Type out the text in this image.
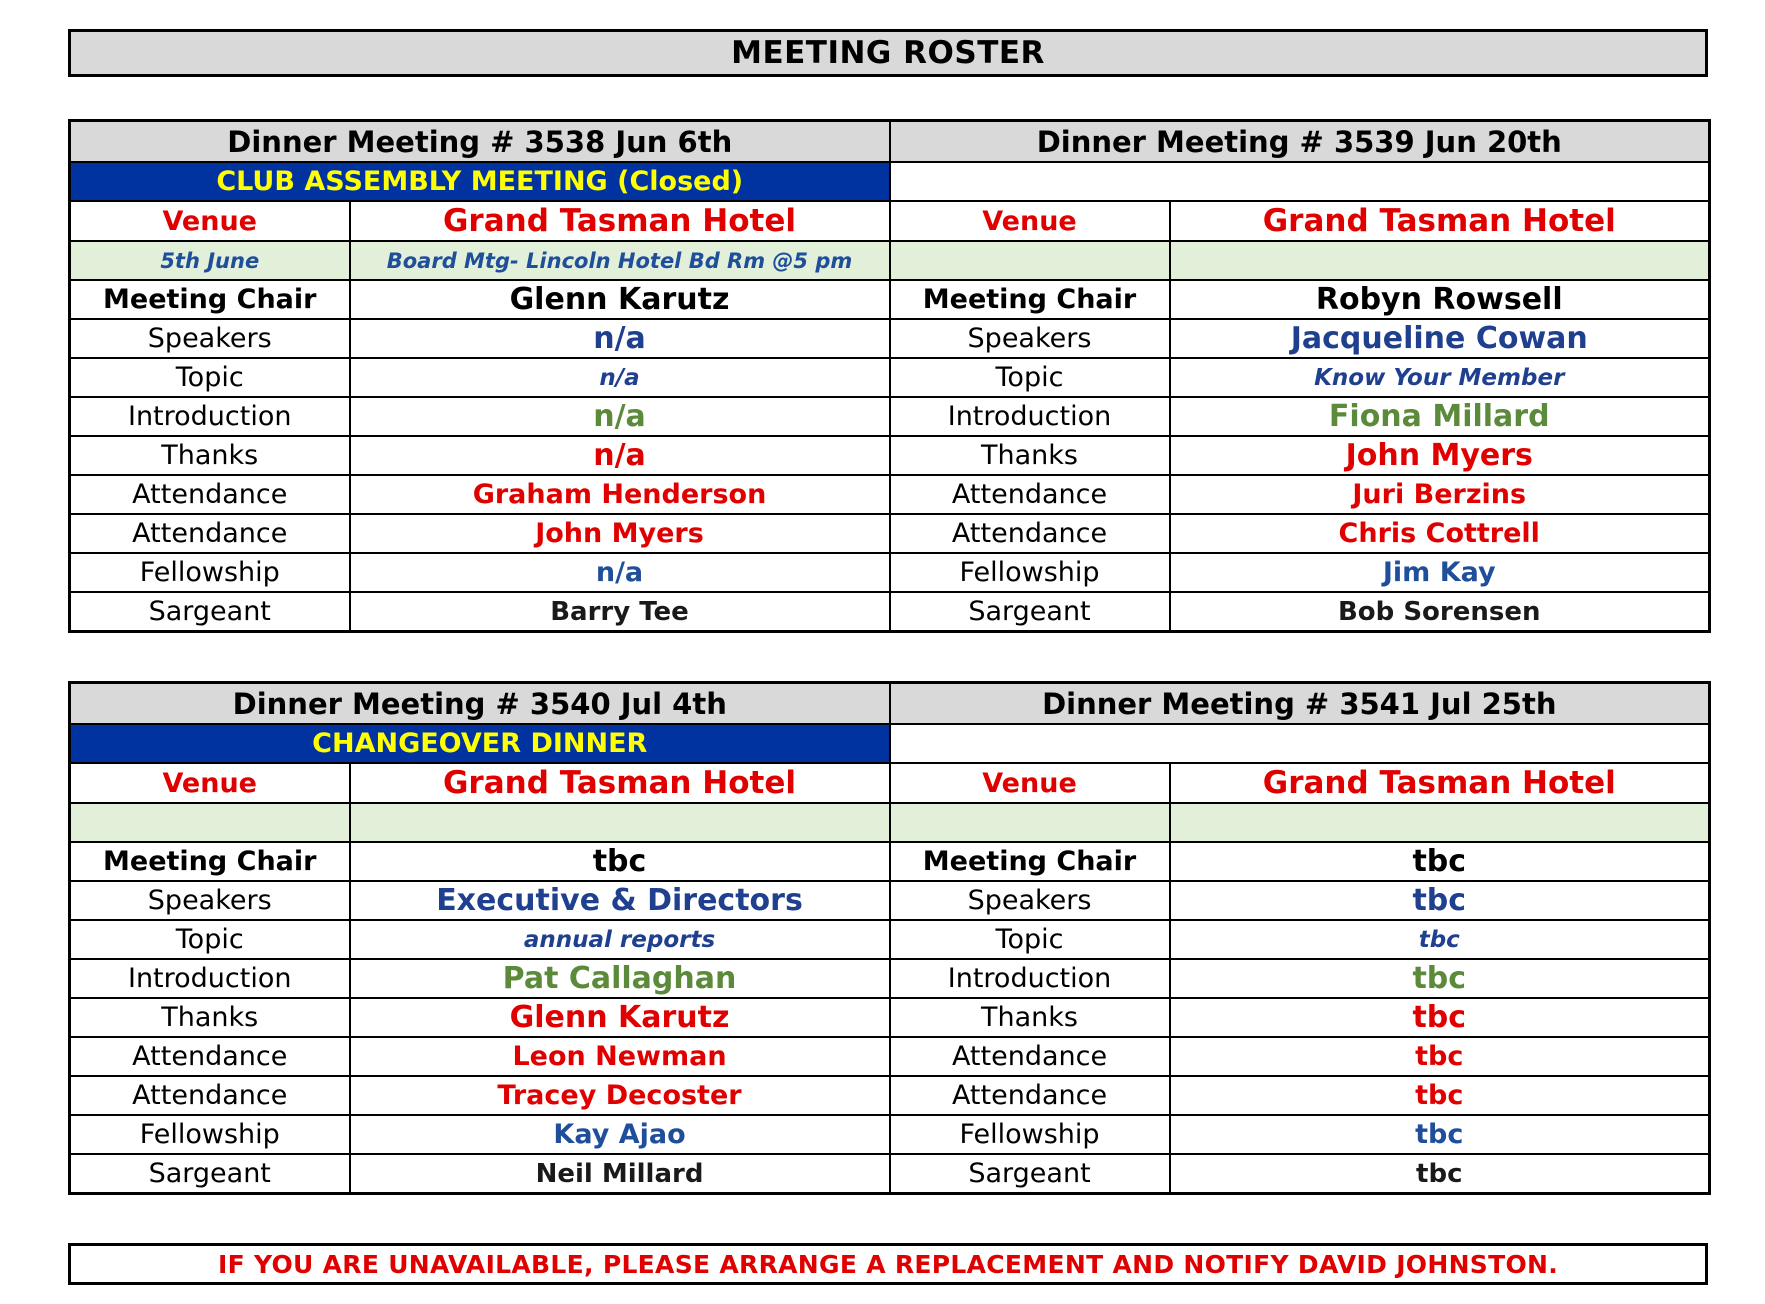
MEETING ROSTER
Dinner Meeting # 3538 Jun 6th		Dinner Meeting # 3539 Jun 20th	
CLUB ASSEMBLY MEETING (Closed)			
Venue	Grand Tasman Hotel	Venue	Grand Tasman Hotel
5th June	Board Mtg- Lincoln Hotel Bd Rm @5 pm		
Meeting Chair	Glenn Karutz	Meeting Chair	Robyn Rowsell
Speakers	n/a	Speakers	Jacqueline Cowan
Topic	n/a	Topic	Know Your Member
Introduction	n/a	Introduction	Fiona Millard
Thanks	n/a	Thanks	John Myers
Attendance	Graham Henderson	Attendance	Juri Berzins
Attendance	John Myers	Attendance	Chris Cottrell
Fellowship	n/a	Fellowship	Jim Kay
Sargeant	Barry Tee	Sargeant	Bob Sorensen
Dinner Meeting # 3540 Jul 4th		Dinner Meeting # 3541 Jul 25th	
CHANGEOVER DINNER			
Venue	Grand Tasman Hotel	Venue	Grand Tasman Hotel

Meeting Chair	tbc	Meeting Chair	tbc
Speakers	Executive & Directors	Speakers	tbc
Topic	annual reports	Topic	tbc
Introduction	Pat Callaghan	Introduction	tbc
Thanks	Glenn Karutz	Thanks	tbc
Attendance	Leon Newman	Attendance	tbc
Attendance	Tracey Decoster	Attendance	tbc
Fellowship	Kay Ajao	Fellowship	tbc
Sargeant	Neil Millard	Sargeant	tbc
IF YOU ARE UNAVAILABLE, PLEASE ARRANGE A REPLACEMENT AND NOTIFY DAVID JOHNSTON.
